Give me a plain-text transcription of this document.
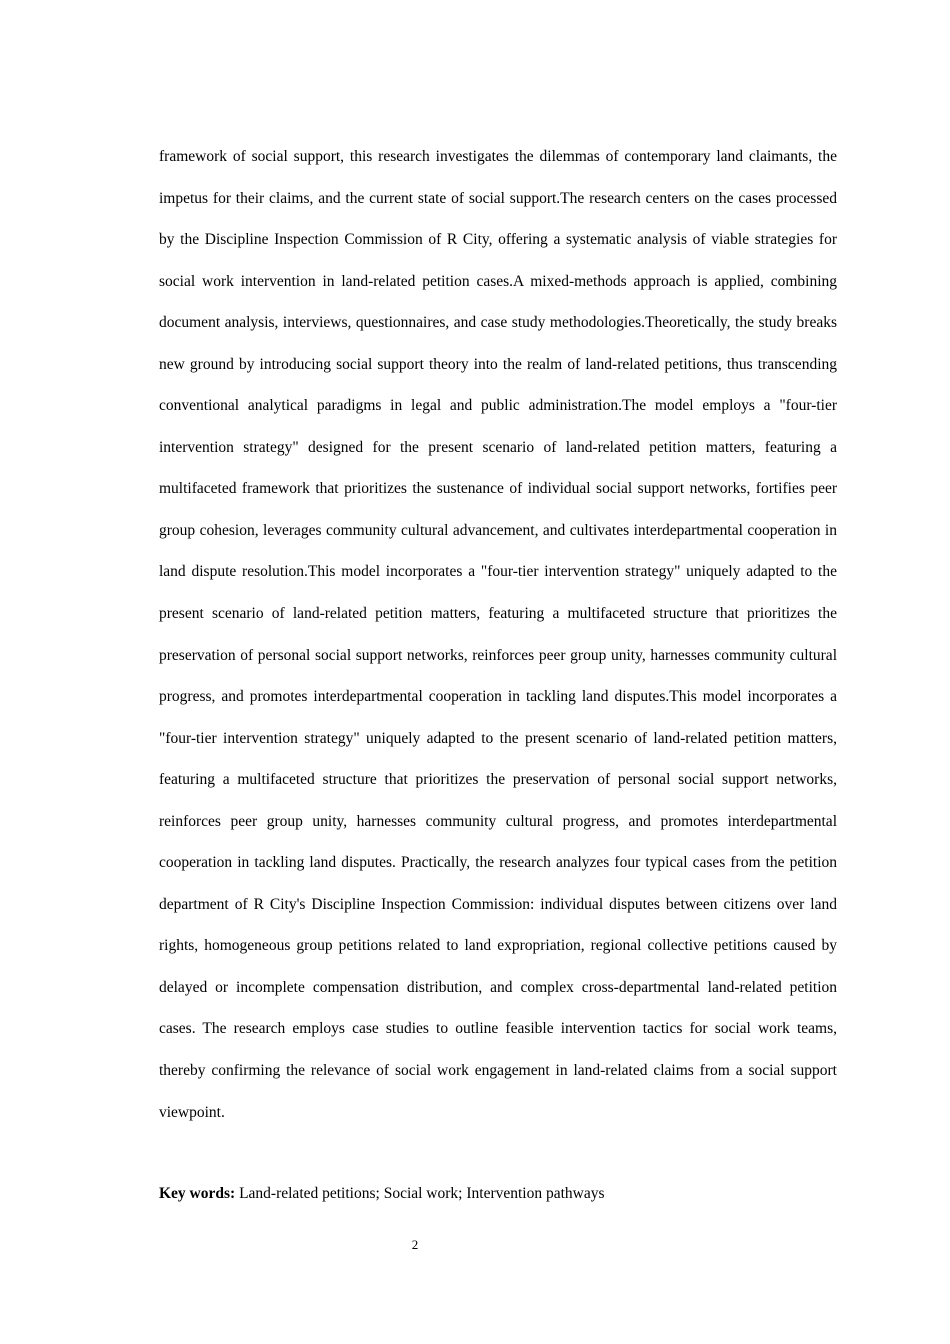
framework of social support, this research investigates the dilemmas of contemporary land claimants, the impetus for their claims, and the current state of social support.The research centers on the cases processed by the Discipline Inspection Commission of R City, offering a systematic analysis of viable strategies for social work intervention in land-related petition cases.A mixed-methods approach is applied, combining document analysis, interviews, questionnaires, and case study methodologies.Theoretically, the study breaks new ground by introducing social support theory into the realm of land-related petitions, thus transcending conventional analytical paradigms in legal and public administration.The model employs a "four-tier intervention strategy" designed for the present scenario of land-related petition matters, featuring a multifaceted framework that prioritizes the sustenance of individual social support networks, fortifies peer group cohesion, leverages community cultural advancement, and cultivates interdepartmental cooperation in land dispute resolution.This model incorporates a "four-tier intervention strategy" uniquely adapted to the present scenario of land-related petition matters, featuring a multifaceted structure that prioritizes the preservation of personal social support networks, reinforces peer group unity, harnesses community cultural progress, and promotes interdepartmental cooperation in tackling land disputes.This model incorporates a "four-tier intervention strategy" uniquely adapted to the present scenario of land-related petition matters, featuring a multifaceted structure that prioritizes the preservation of personal social support networks, reinforces peer group unity, harnesses community cultural progress, and promotes interdepartmental cooperation in tackling land disputes. Practically, the research analyzes four typical cases from the petition department of R City's Discipline Inspection Commission: individual disputes between citizens over land rights, homogeneous group petitions related to land expropriation, regional collective petitions caused by delayed or incomplete compensation distribution, and complex cross-departmental land-related petition cases. The research employs case studies to outline feasible intervention tactics for social work teams, thereby confirming the relevance of social work engagement in land-related claims from a social support viewpoint.

Key words: Land-related petitions; Social work; Intervention pathways

2
